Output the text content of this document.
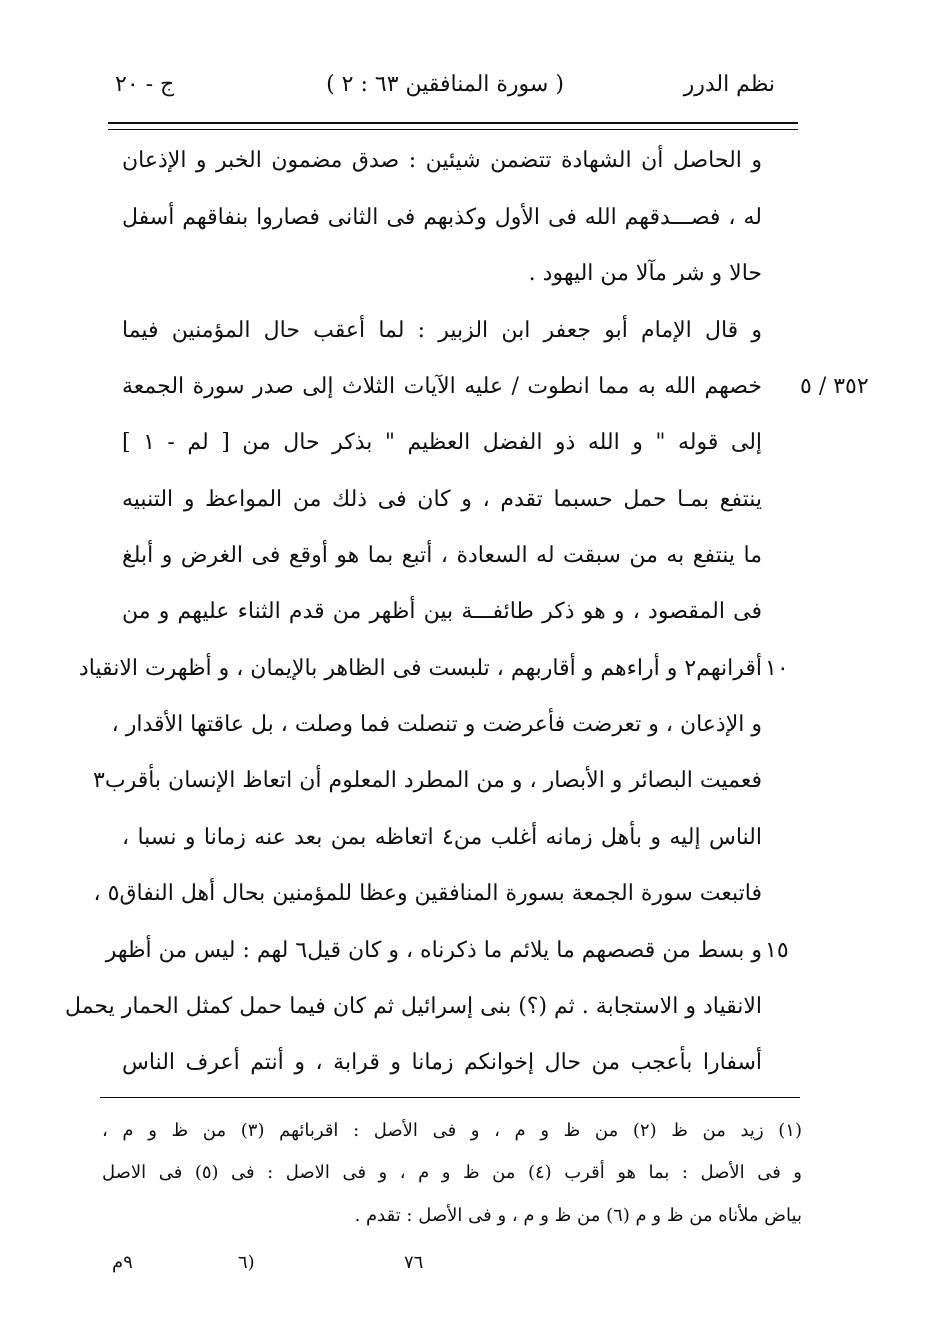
نظم الدرر
( سورة المنافقين ٦٣ : ٢ )
ج - ٢٠
و الحاصل أن الشهادة تتضمن شيئين : صدق مضمون الخبر و الإذعان
له ، فصـــدقهم الله فى الأول وكذبهم فى الثانى فصاروا بنفاقهم أسفل
حالا و شر مآلا من اليهود .
و قال الإمام أبو جعفر ابن الزبير : لما أعقب حال المؤمنين فيما
٣٥٢ / ٥
خصهم الله به مما انطوت / عليه الآيات الثلاث إلى صدر سورة الجمعة
إلى قوله " و الله ذو الفضل العظيم " بذكر حال من [ لم - ١ ]
ينتفع بمـا حمل حسبما تقدم ، و كان فى ذلك من المواعظ و التنبيه
ما ينتفع به من سبقت له السعادة ، أتبع بما هو أوقع فى الغرض و أبلغ
فى المقصود ، و هو ذكر طائفـــة بين أظهر من قدم الثناء عليهم و من
١٠
أقرانهم٢ و أراءهم و أقاربهم ، تلبست فى الظاهر بالإيمان ، و أظهرت الانقياد
و الإذعان ، و تعرضت فأعرضت و تنصلت فما وصلت ، بل عاقتها الأقدار ،
فعميت البصائر و الأبصار ، و من المطرد المعلوم أن اتعاظ الإنسان بأقرب٣
الناس إليه و بأهل زمانه أغلب من٤ اتعاظه بمن بعد عنه زمانا و نسبا ،
فاتبعت سورة الجمعة بسورة المنافقين وعظا للمؤمنين بحال أهل النفاق٥ ،
١٥
و بسط من قصصهم ما يلائم ما ذكرناه ، و كان قيل٦ لهم : ليس من أظهر
الانقياد و الاستجابة . ثم (؟) بنى إسرائيل ثم كان فيما حمل كمثل الحمار يحمل
أسفارا بأعجب من حال إخوانكم زمانا و قرابة ، و أنتم أعرف الناس
(١) زيد من ظ (٢) من ظ و م ، و فى الأصل : اقربائهم (٣) من ظ و م ،
و فى الأصل : بما هو أقرب (٤) من ظ و م ، و فى الاصل : فى (٥) فى الاصل
بياض ملأناه من ظ و م (٦) من ظ و م ، و فى الأصل : تقدم .
٩م	(٦	٧٦
